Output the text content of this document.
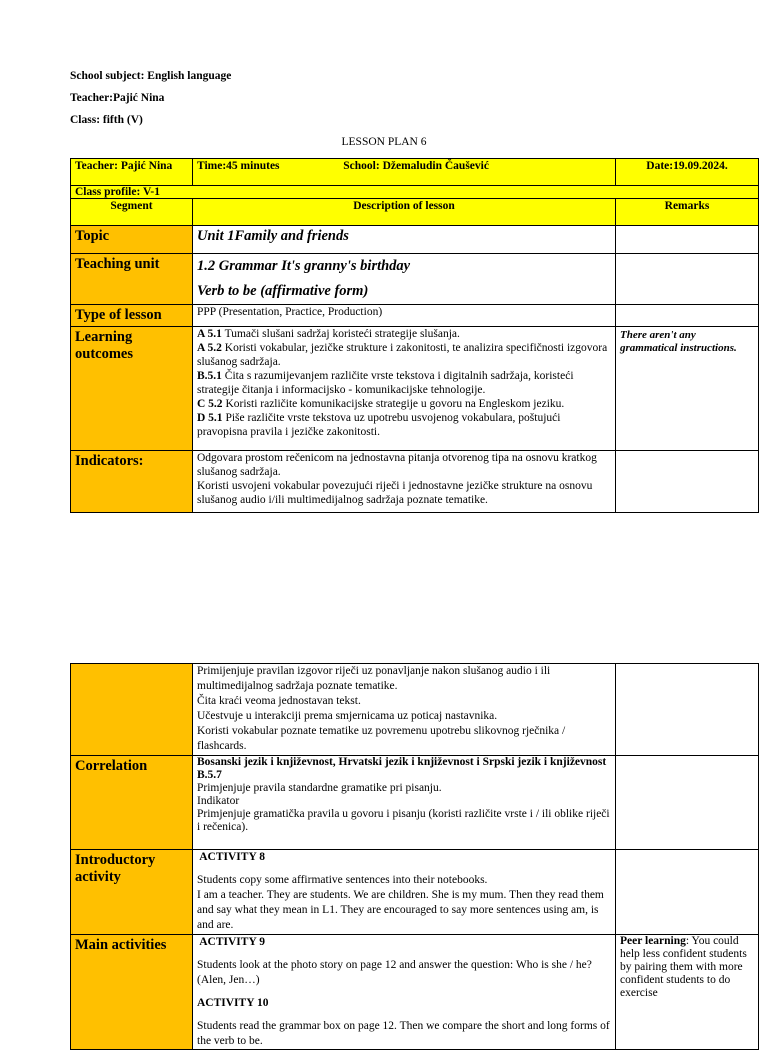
School subject: English language
Teacher:Pajić Nina
Class: fifth (V)
LESSON PLAN 6
Teacher: Pajić Nina	Time:45 minutes School: Džemaludin Čaušević	Date:19.09.2024.
Class profile: V-1		
Segment	Description of lesson	Remarks
Topic	Unit 1Family and friends	
Teaching unit	1.2 Grammar It's granny's birthday
Verb to be (affirmative form)	

Type of lesson	PPP (Presentation, Practice, Production)	
Learning outcomes	A 5.1 Tumači slušani sadržaj koristeći strategije slušanja.

A 5.2 Koristi vokabular, jezičke strukture i zakonitosti, te analizira specifičnosti izgovora slušanog sadržaja.

B.5.1 Čita s razumijevanjem različite vrste tekstova i digitalnih sadržaja, koristeći strategije čitanja i informacijsko - komunikacijske tehnologije.

C 5.2 Koristi različite komunikacijske strategije u govoru na Engleskom jeziku.

D 5.1 Piše različite vrste tekstova uz upotrebu usvojenog vokabulara, poštujući pravopisna pravila i jezičke zakonitosti.	There aren't any grammatical instructions.
Indicators:	Odgovara prostom rečenicom na jednostavna pitanja otvorenog tipa na osnovu kratkog slušanog sadržaja.

Koristi usvojeni vokabular povezujući riječi i jednostavne jezičke strukture na osnovu slušanog audio i/ili multimedijalnog sadržaja poznate tematike.	

	Primijenjuje pravilan izgovor riječi uz ponavljanje nakon slušanog audio i ili multimedijalnog sadržaja poznate tematike.

Čita kraći veoma jednostavan tekst.

Učestvuje u interakciji prema smjernicama uz poticaj nastavnika.

Koristi vokabular poznate tematike uz povremenu upotrebu slikovnog rječnika / flashcards.	

Correlation	Bosanski jezik i književnost, Hrvatski jezik i književnost i Srpski jezik i književnost

B.5.7

Primjenjuje pravila standardne gramatike pri pisanju.

Indikator

Primjenjuje gramatička pravila u govoru i pisanju (koristi različite vrste i / ili oblike riječi i rečenica).	

Introductory activity	ACTIVITY 8

Students copy some affirmative sentences into their notebooks.

I am a teacher. They are students. We are children. She is my mum. Then they read them and say what they mean in L1. They are encouraged to say more sentences using am, is and are.	

Main activities	ACTIVITY 9

Students look at the photo story on page 12 and answer the question: Who is she / he? (Alen, Jen…)

ACTIVITY 10

Students read the grammar box on page 12. Then we compare the short and long forms of the verb to be.	Peer learning: You could help less confident students by pairing them with more confident students to do exercise
